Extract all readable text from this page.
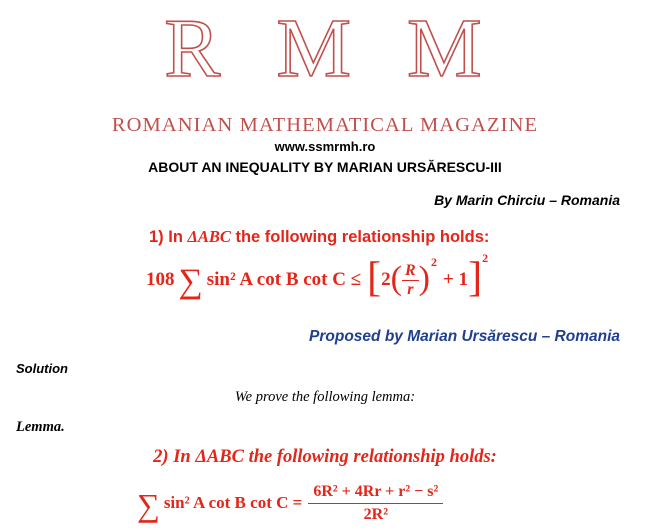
R M M
ROMANIAN MATHEMATICAL MAGAZINE
www.ssmrmh.ro
ABOUT AN INEQUALITY BY MARIAN URSĂRESCU-III
By Marin Chirciu – Romania
1) In ΔABC the following relationship holds:
108 ∑ sin² A cot B cot C ≤ [ 2 ( $\frac{R}{r}$ ) 2
+ 1 ] 2
Proposed by Marian Ursărescu – Romania
Solution
We prove the following lemma:
Lemma.
2) In ΔABC the following relationship holds:
∑ sin² A cot B $\cot C = \frac{\text{6R² + 4Rr + r² − s²}}{\text{2R²}}$
